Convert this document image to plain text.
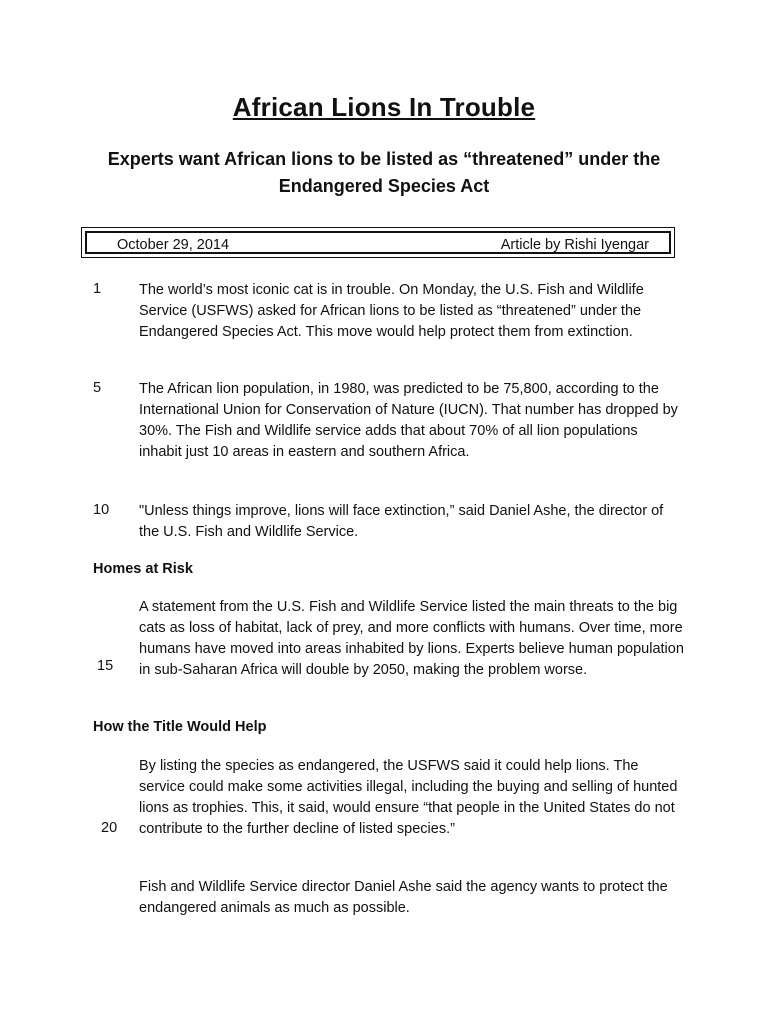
African Lions In Trouble
Experts want African lions to be listed as “threatened” under the Endangered Species Act
October 29, 2014	Article by Rishi Iyengar
1	The world’s most iconic cat is in trouble. On Monday, the U.S. Fish and Wildlife Service (USFWS) asked for African lions to be listed as “threatened” under the Endangered Species Act. This move would help protect them from extinction.
5	The African lion population, in 1980, was predicted to be 75,800, according to the International Union for Conservation of Nature (IUCN). That number has dropped by 30%. The Fish and Wildlife service adds that about 70% of all lion populations inhabit just 10 areas in eastern and southern Africa.
10 "Unless things improve, lions will face extinction,” said Daniel Ashe, the director of the U.S. Fish and Wildlife Service.
Homes at Risk
15
A statement from the U.S. Fish and Wildlife Service listed the main threats to the big cats as loss of habitat, lack of prey, and more conflicts with humans. Over time, more humans have moved into areas inhabited by lions. Experts believe human population in sub-Saharan Africa will double by 2050, making the problem worse.
How the Title Would Help
20
By listing the species as endangered, the USFWS said it could help lions. The service could make some activities illegal, including the buying and selling of hunted lions as trophies. This, it said, would ensure “that people in the United States do not contribute to the further decline of listed species.”
Fish and Wildlife Service director Daniel Ashe said the agency wants to protect the endangered animals as much as possible.
